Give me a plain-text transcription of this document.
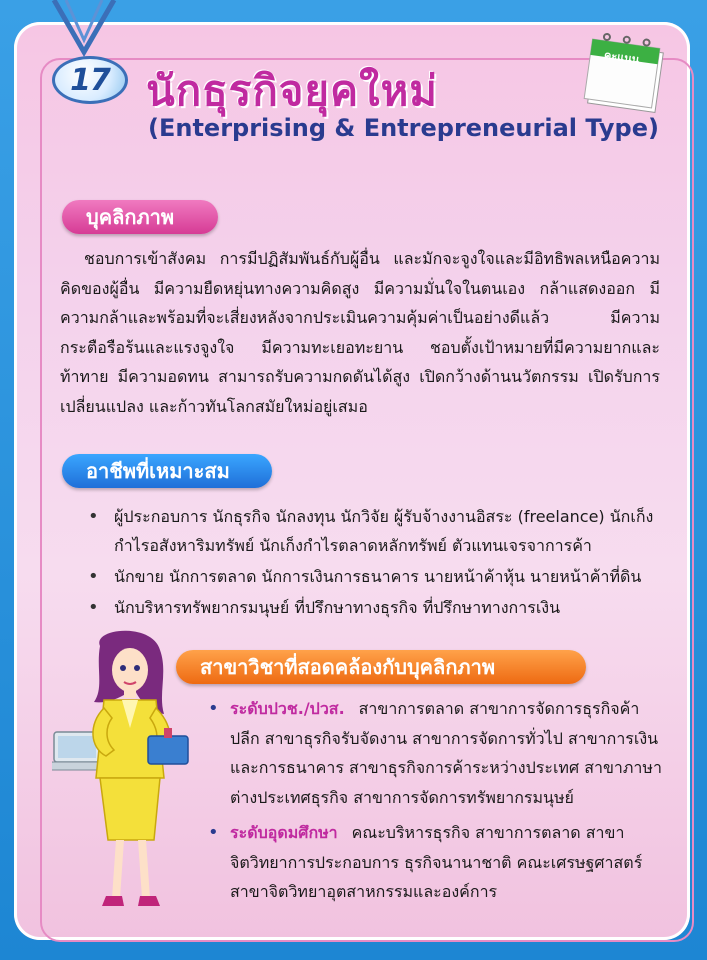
17 นักธุรกิจยุคใหม่
(Enterprising & Entrepreneurial Type)
คะแนน
บุคลิกภาพ

ชอบการเข้าสังคม การมีปฏิสัมพันธ์กับผู้อื่น และมักจะจูงใจและมีอิทธิพลเหนือความคิดของผู้อื่น มีความยืดหยุ่นทางความคิดสูง มีความมั่นใจในตนเอง กล้าแสดงออก มีความกล้าและพร้อมที่จะเสี่ยงหลังจากประเมินความคุ้มค่าเป็นอย่างดีแล้ว มีความกระตือรือร้นและแรงจูงใจ มีความทะเยอทะยาน ชอบตั้งเป้าหมายที่มีความยากและท้าทาย มีความอดทน สามารถรับความกดดันได้สูง เปิดกว้างด้านนวัตกรรม เปิดรับการเปลี่ยนแปลง และก้าวทันโลกสมัยใหม่อยู่เสมอ

อาชีพที่เหมาะสม
• ผู้ประกอบการ นักธุรกิจ นักลงทุน นักวิจัย ผู้รับจ้างงานอิสระ (freelance) นักเก็งกำไรอสังหาริมทรัพย์ นักเก็งกำไรตลาดหลักทรัพย์ ตัวแทนเจรจาการค้า
• นักขาย นักการตลาด นักการเงินการธนาคาร นายหน้าค้าหุ้น นายหน้าค้าที่ดิน
• นักบริหารทรัพยากรมนุษย์ ที่ปรึกษาทางธุรกิจ ที่ปรึกษาทางการเงิน
สาขาวิชาที่สอดคล้องกับบุคลิกภาพ
• ระดับปวช./ปวส. สาขาการตลาด สาขาการจัดการธุรกิจค้าปลีก สาขาธุรกิจรับจัดงาน สาขาการจัดการทั่วไป สาขาการเงินและการธนาคาร สาขาธุรกิจการค้าระหว่างประเทศ สาขาภาษาต่างประเทศธุรกิจ สาขาการจัดการทรัพยากรมนุษย์
• ระดับอุดมศึกษา คณะบริหารธุรกิจ สาขาการตลาด สาขาจิตวิทยาการประกอบการ ธุรกิจนานาชาติ คณะเศรษฐศาสตร์ สาขาจิตวิทยาอุตสาหกรรมและองค์การ
